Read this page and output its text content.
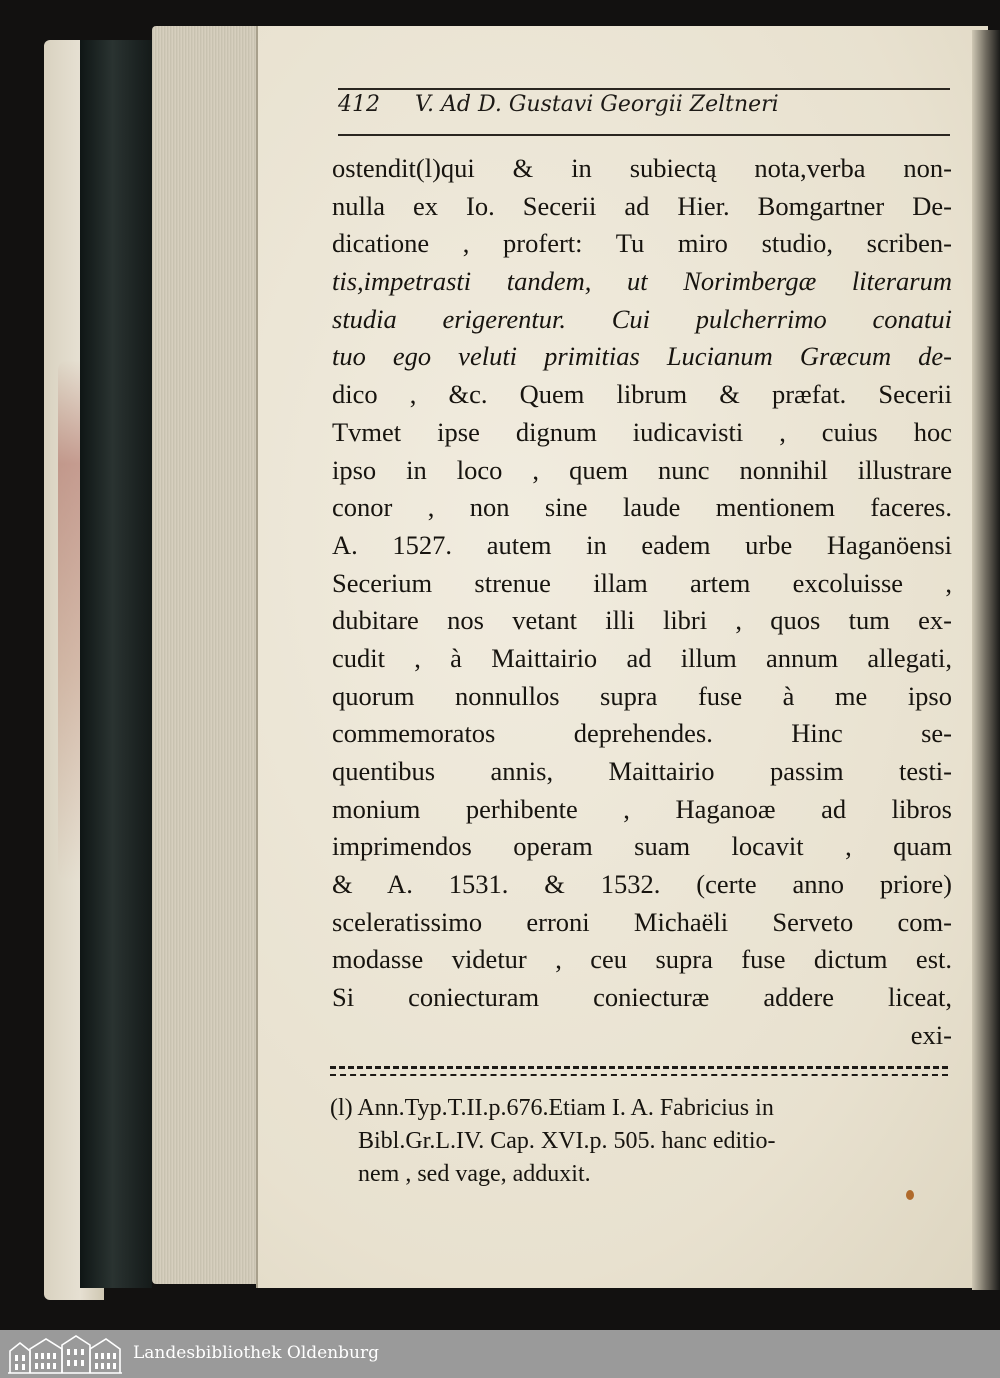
412 V. Ad D. Gustavi Georgii Zeltneri
ostendit(l)qui & in subiectą nota,verba non-
nulla ex Io. Secerii ad Hier. Bomgartner De-
dicatione , profert: Tu miro studio, scriben-
tis,impetrasti tandem, ut Norimbergæ literarum
studia erigerentur. Cui pulcherrimo conatui
tuo ego veluti primitias Lucianum Græcum de-
dico , &c. Quem librum & præfat. Secerii
Tvmet ipse dignum iudicavisti , cuius hoc
ipso in loco , quem nunc nonnihil illustrare
conor , non sine laude mentionem faceres.
A. 1527. autem in eadem urbe Haganöensi
Secerium strenue illam artem excoluisse ,
dubitare nos vetant illi libri , quos tum ex-
cudit , à Maittairio ad illum annum allegati,
quorum nonnullos supra fuse à me ipso
commemoratos deprehendes. Hinc se-
quentibus annis, Maittairio passim testi-
monium perhibente , Haganoæ ad libros
imprimendos operam suam locavit , quam
& A. 1531. & 1532. (certe anno priore)
sceleratissimo erroni Michaëli Serveto com-
modasse videtur , ceu supra fuse dictum est.
Si coniecturam coniecturæ addere liceat,
exi-
(l) Ann.Typ.T.II.p.676.Etiam I. A. Fabricius in
Bibl.Gr.L.IV. Cap. XVI.p. 505. hanc editio-
nem , sed vage, adduxit.
Landesbibliothek Oldenburg
